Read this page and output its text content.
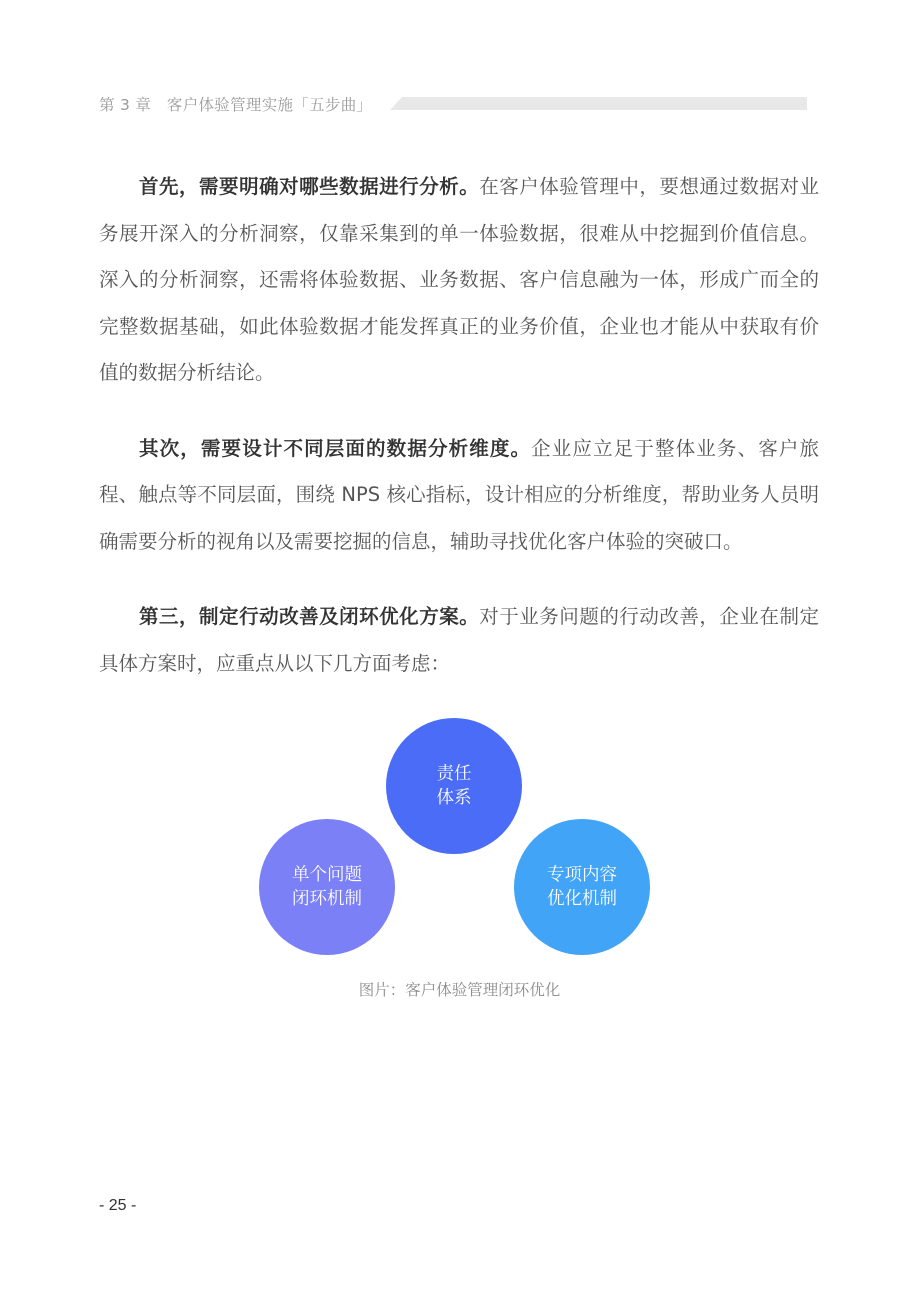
第 3 章   客户体验管理实施「五步曲」

首先，需要明确对哪些数据进行分析。在客户体验管理中，要想通过数据对业务展开深入的分析洞察，仅靠采集到的单一体验数据，很难从中挖掘到价值信息。深入的分析洞察，还需将体验数据、业务数据、客户信息融为一体，形成广而全的完整数据基础，如此体验数据才能发挥真正的业务价值，企业也才能从中获取有价值的数据分析结论。

其次，需要设计不同层面的数据分析维度。企业应立足于整体业务、客户旅程、触点等不同层面，围绕 NPS 核心指标，设计相应的分析维度，帮助业务人员明确需要分析的视角以及需要挖掘的信息，辅助寻找优化客户体验的突破口。

第三，制定行动改善及闭环优化方案。对于业务问题的行动改善，企业在制定具体方案时，应重点从以下几方面考虑：

责任
体系
单个问题
闭环机制
专项内容
优化机制
图片：客户体验管理闭环优化
- 25 -
